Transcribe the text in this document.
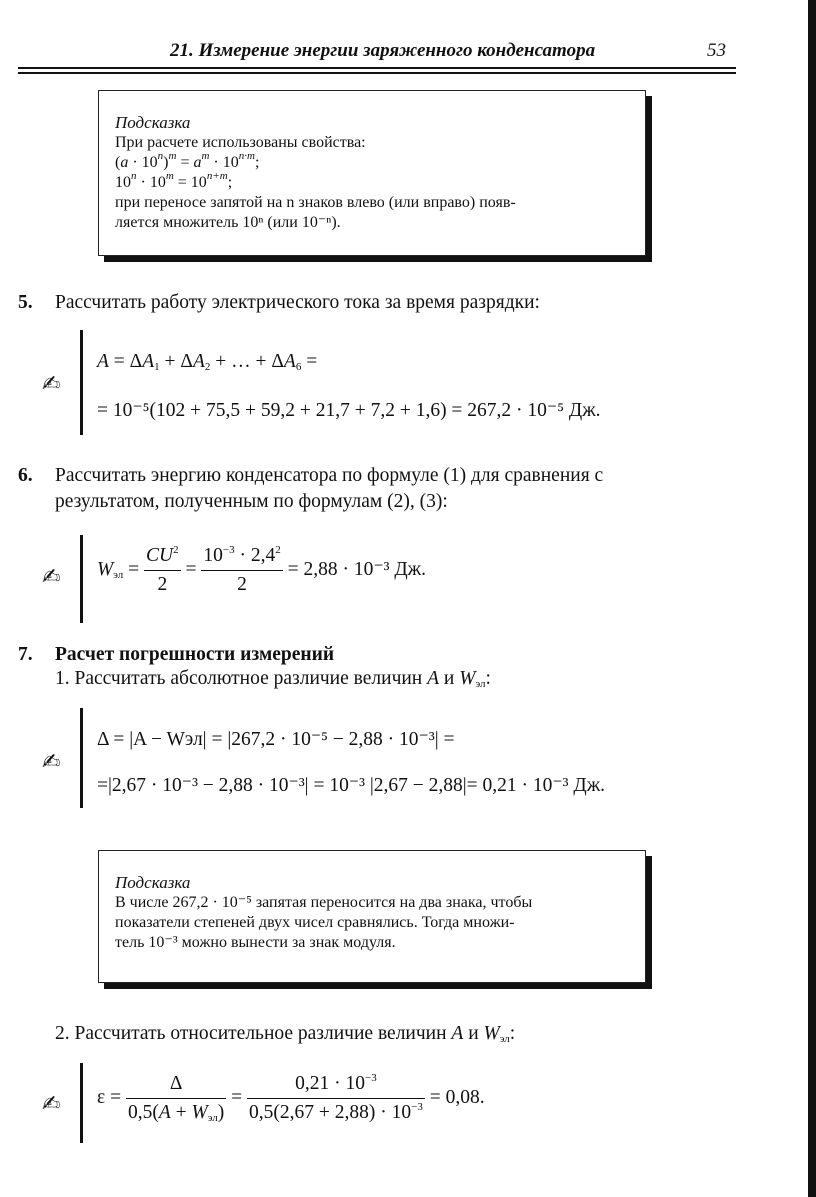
21. Измерение энергии заряженного конденсатора	53
Подсказка
При расчете использованы свойства:
$(a \cdot 10^n)^m = a^m \cdot 10^{n\cdot m}$;
$10^n \cdot 10^m = 10^{n+m}$;
при переносе запятой на n знаков влево (или вправо) появ-
ляется множитель 10ⁿ (или 10⁻ⁿ).
5. Рассчитать работу электрического тока за время разрядки:
✍
$A = \Delta A_1 + \Delta A_2$ + … + $\Delta A_6$ =
= 10⁻⁵(102 + 75,5 + 59,2 + 21,7 + 7,2 + 1,6) = 267,2 · 10⁻⁵ Дж.
6. Рассчитать энергию конденсатора по формуле (1) для сравнения с
результатом, полученным по формулам (2), (3):
✍ $W_{эл} = \frac{CU^2}{2} = \frac{10^{-3} \cdot 2,4^2}{2} = 2,88 \cdot 10^{-3}$ Дж.
7. Расчет погрешности измерений
1. Рассчитать абсолютное различие величин A и $W_{эл}$:
✍
Δ = |A − Wэл| = |267,2 · 10⁻⁵ − 2,88 · 10⁻³| =
=|2,67 · 10⁻³ − 2,88 · 10⁻³| = 10⁻³ |2,67 − 2,88|= 0,21 · 10⁻³ Дж.
Подсказка
В числе 267,2 · 10⁻⁵ запятая переносится на два знака, чтобы
показатели степеней двух чисел сравнялись. Тогда множи-
тель 10⁻³ можно вынести за знак модуля.
2. Рассчитать относительное различие величин A и $W_{эл}$:
✍ $\varepsilon = \frac{\Delta}{0,5(A + W_{эл})} = \frac{0,21 \cdot 10^{-3}}{0,5(2,67 + 2,88) \cdot 10^{-3}} = 0,08$.
